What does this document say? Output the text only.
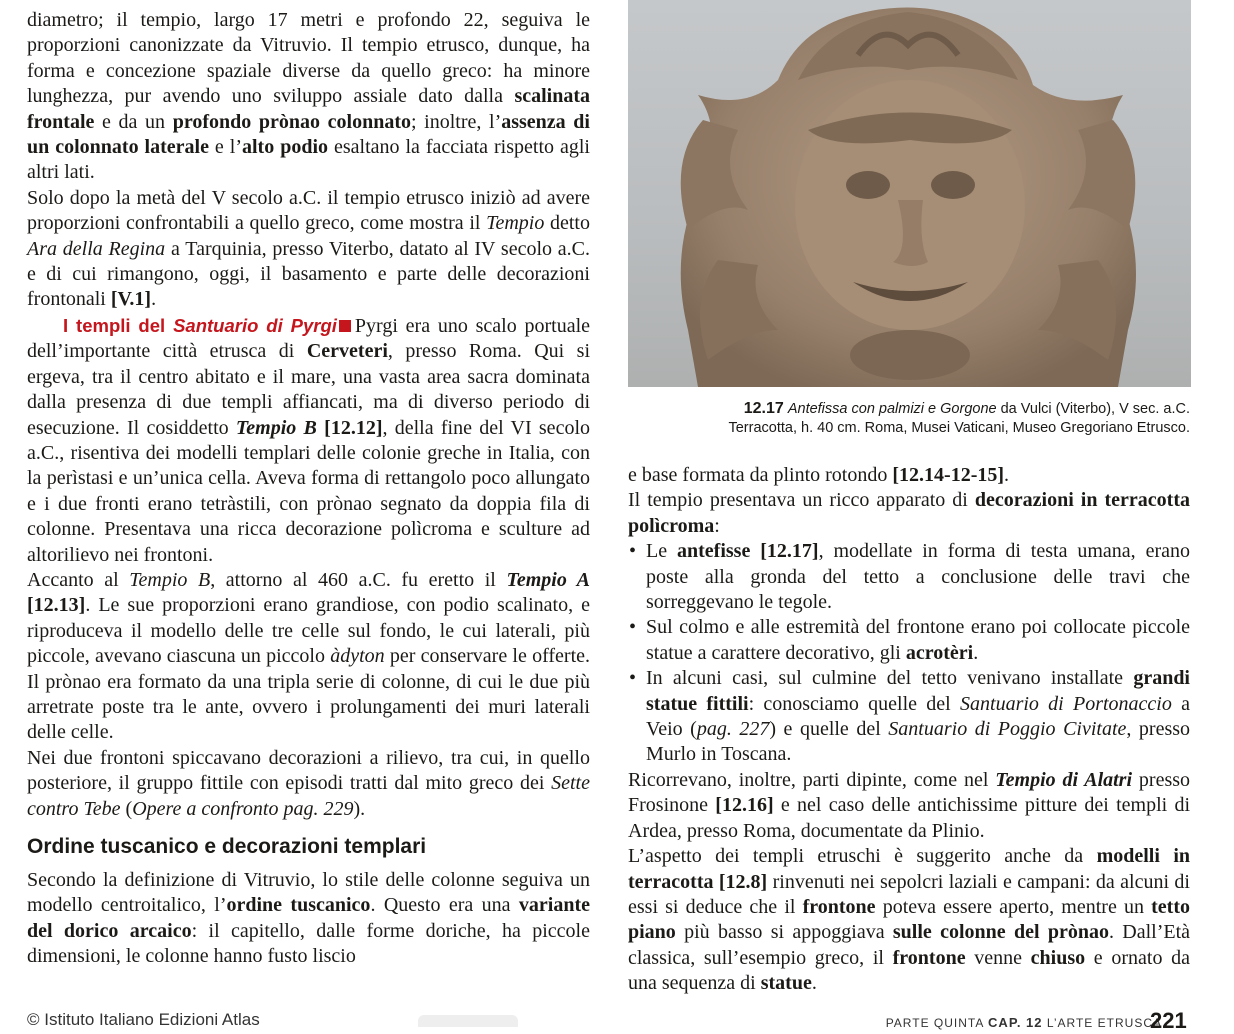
diametro; il tempio, largo 17 metri e profondo 22, seguiva le proporzioni canonizzate da Vitruvio. Il tempio etrusco, dunque, ha forma e concezione spaziale diverse da quello greco: ha minore lunghezza, pur avendo uno sviluppo assiale dato dalla scalinata frontale e da un profondo prònao colonnato; inoltre, l’assenza di un colonnato laterale e l’alto podio esaltano la facciata rispetto agli altri lati.

Solo dopo la metà del V secolo a.C. il tempio etrusco iniziò ad avere proporzioni confrontabili a quello greco, come mostra il Tempio detto Ara della Regina a Tarquinia, presso Viterbo, datato al IV secolo a.C. e di cui rimangono, oggi, il basamento e parte delle decorazioni frontonali [V.1].

I templi del Santuario di Pyrgi Pyrgi era uno scalo portuale dell’importante città etrusca di Cerveteri, presso Roma. Qui si ergeva, tra il centro abitato e il mare, una vasta area sacra dominata dalla presenza di due templi affiancati, ma di diverso periodo di esecuzione. Il cosiddetto Tempio B [12.12], della fine del VI secolo a.C., risentiva dei modelli templari delle colonie greche in Italia, con la perìstasi e un’unica cella. Aveva forma di rettangolo poco allungato e i due fronti erano tetràstili, con prònao segnato da doppia fila di colonne. Presentava una ricca decorazione polìcroma e sculture ad altorilievo nei frontoni.

Accanto al Tempio B, attorno al 460 a.C. fu eretto il Tempio A [12.13]. Le sue proporzioni erano grandiose, con podio scalinato, e riproduceva il modello delle tre celle sul fondo, le cui laterali, più piccole, avevano ciascuna un piccolo àdyton per conservare le offerte. Il prònao era formato da una tripla serie di colonne, di cui le due più arretrate poste tra le ante, ovvero i prolungamenti dei muri laterali delle celle.

Nei due frontoni spiccavano decorazioni a rilievo, tra cui, in quello posteriore, il gruppo fittile con episodi tratti dal mito greco dei Sette contro Tebe (Opere a confronto pag. 229).

Ordine tuscanico e decorazioni templari

Secondo la definizione di Vitruvio, lo stile delle colonne seguiva un modello centroitalico, l’ordine tuscanico. Questo era una variante del dorico arcaico: il capitello, dalle forme doriche, ha piccole dimensioni, le colonne hanno fusto liscio

12.17 Antefissa con palmizi e Gorgone da Vulci (Viterbo), V sec. a.C.
Terracotta, h. 40 cm. Roma, Musei Vaticani, Museo Gregoriano Etrusco.

e base formata da plinto rotondo [12.14-12-15].

Il tempio presentava un ricco apparato di decorazioni in terracotta polìcroma:

• Le antefisse [12.17], modellate in forma di testa umana, erano poste alla gronda del tetto a conclusione delle travi che sorreggevano le tegole.
• Sul colmo e alle estremità del frontone erano poi collocate piccole statue a carattere decorativo, gli acrotèri.
• In alcuni casi, sul culmine del tetto venivano installate grandi statue fittili: conosciamo quelle del Santuario di Portonaccio a Veio (pag. 227) e quelle del Santuario di Poggio Civitate, presso Murlo in Toscana.

Ricorrevano, inoltre, parti dipinte, come nel Tempio di Alatri presso Frosinone [12.16] e nel caso delle antichissime pitture dei templi di Ardea, presso Roma, documentate da Plinio.

L’aspetto dei templi etruschi è suggerito anche da modelli in terracotta [12.8] rinvenuti nei sepolcri laziali e campani: da alcuni di essi si deduce che il frontone poteva essere aperto, mentre un tetto piano più basso si appoggiava sulle colonne del prònao. Dall’Età classica, sull’esempio greco, il frontone venne chiuso e ornato da una sequenza di statue.

© Istituto Italiano Edizioni Atlas	PARTE QUINTA CAP. 12 L’ARTE ETRUSCA
221
